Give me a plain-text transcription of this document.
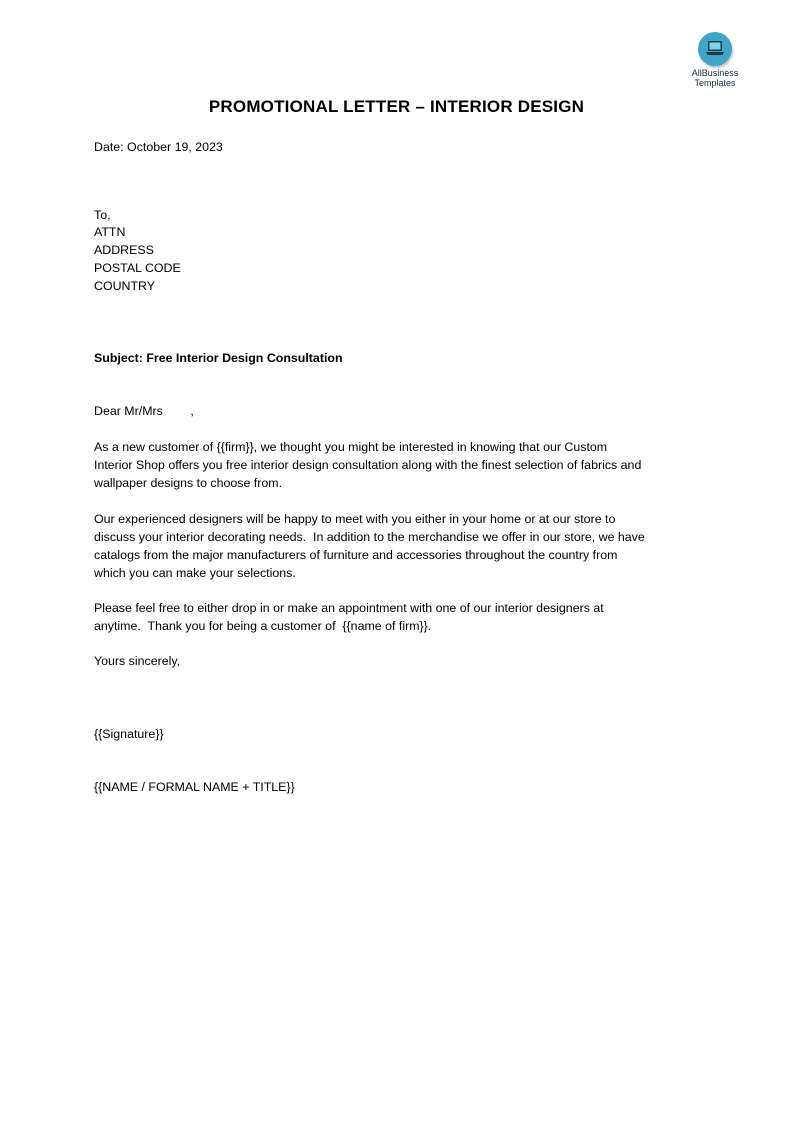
AllBusiness
Templates
PROMOTIONAL LETTER – INTERIOR DESIGN
Date: October 19, 2023
To,
ATTN
ADDRESS
POSTAL CODE
COUNTRY
Subject: Free Interior Design Consultation
Dear Mr/Mrs        ,
As a new customer of {{firm}}, we thought you might be interested in knowing that our Custom
Interior Shop offers you free interior design consultation along with the finest selection of fabrics and
wallpaper designs to choose from.
Our experienced designers will be happy to meet with you either in your home or at our store to
discuss your interior decorating needs.  In addition to the merchandise we offer in our store, we have
catalogs from the major manufacturers of furniture and accessories throughout the country from
which you can make your selections.
Please feel free to either drop in or make an appointment with one of our interior designers at
anytime.  Thank you for being a customer of  {{name of firm}}.
Yours sincerely,
{{Signature}}
{{NAME / FORMAL NAME + TITLE}}
